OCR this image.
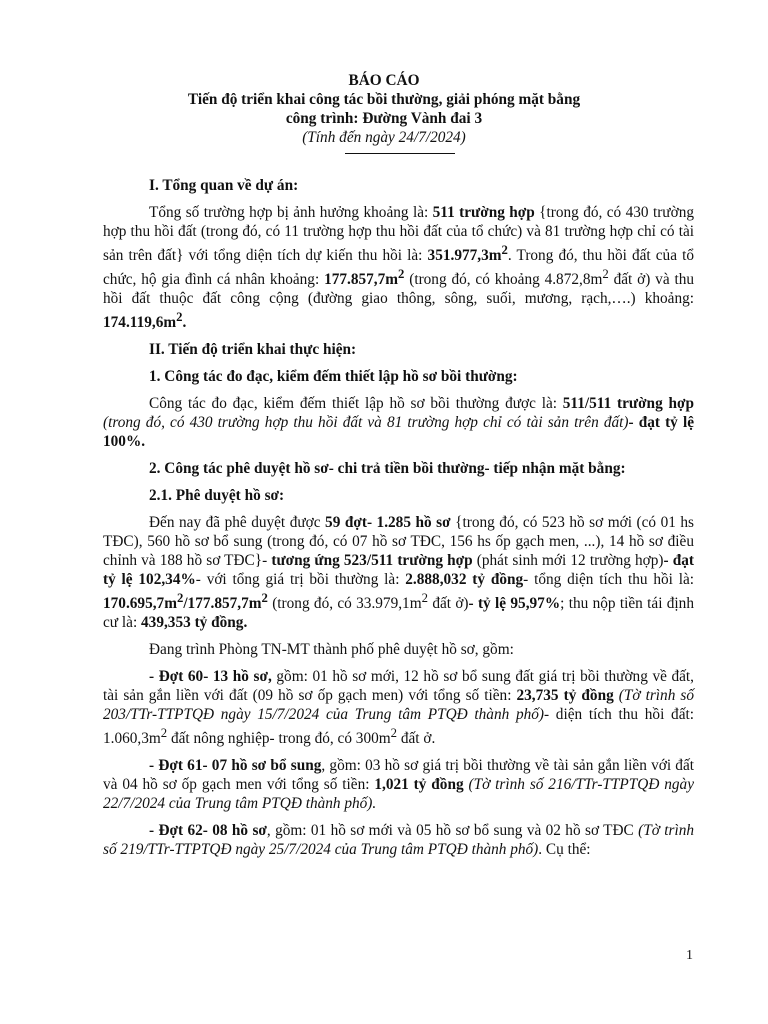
BÁO CÁO
Tiến độ triển khai công tác bồi thường, giải phóng mặt bằng
công trình: Đường Vành đai 3
(Tính đến ngày 24/7/2024)

I. Tổng quan về dự án:

Tổng số trường hợp bị ảnh hưởng khoảng là: 511 trường hợp {trong đó, có 430 trường hợp thu hồi đất (trong đó, có 11 trường hợp thu hồi đất của tổ chức) và 81 trường hợp chỉ có tài sản trên đất} với tổng diện tích dự kiến thu hồi là: $351.977,3m^2$. Trong đó, thu hồi đất của tổ chức, hộ gia đình cá nhân khoảng: $177.857,7m^2$ (trong đó, có khoảng $4.872,8m^2$ đất ở) và thu hồi đất thuộc đất công cộng (đường giao thông, sông, suối, mương, rạch,….) khoảng: $174.119,6m^2$.

II. Tiến độ triển khai thực hiện:

1. Công tác đo đạc, kiểm đếm thiết lập hồ sơ bồi thường:

Công tác đo đạc, kiểm đếm thiết lập hồ sơ bồi thường được là: 511/511 trường hợp (trong đó, có 430 trường hợp thu hồi đất và 81 trường hợp chỉ có tài sản trên đất)- đạt tỷ lệ 100%.

2. Công tác phê duyệt hồ sơ- chi trả tiền bồi thường- tiếp nhận mặt bằng:

2.1. Phê duyệt hồ sơ:

Đến nay đã phê duyệt được 59 đợt- 1.285 hồ sơ {trong đó, có 523 hồ sơ mới (có 01 hs TĐC), 560 hồ sơ bổ sung (trong đó, có 07 hồ sơ TĐC, 156 hs ốp gạch men, ...), 14 hồ sơ điều chỉnh và 188 hồ sơ TĐC}- tương ứng 523/511 trường hợp (phát sinh mới 12 trường hợp)- đạt tỷ lệ 102,34%- với tổng giá trị bồi thường là: 2.888,032 tỷ đồng- tổng diện tích thu hồi là: $170.695,7m^2/177.857,7m^2$ (trong đó, có $33.979,1m^2$ đất ở)- tỷ lệ 95,97%; thu nộp tiền tái định cư là: 439,353 tỷ đồng.

Đang trình Phòng TN-MT thành phố phê duyệt hồ sơ, gồm:

- Đợt 60- 13 hồ sơ, gồm: 01 hồ sơ mới, 12 hồ sơ bổ sung đất giá trị bồi thường về đất, tài sản gắn liền với đất (09 hồ sơ ốp gạch men) với tổng số tiền: 23,735 tỷ đồng (Tờ trình số 203/TTr-TTPTQĐ ngày 15/7/2024 của Trung tâm PTQĐ thành phố)- diện tích thu hồi đất: $1.060,3m^2$ đất nông nghiệp- trong đó, có $300m^2$ đất ở.

- Đợt 61- 07 hồ sơ bổ sung, gồm: 03 hồ sơ giá trị bồi thường về tài sản gắn liền với đất và 04 hồ sơ ốp gạch men với tổng số tiền: 1,021 tỷ đồng (Tờ trình số 216/TTr-TTPTQĐ ngày 22/7/2024 của Trung tâm PTQĐ thành phố).

- Đợt 62- 08 hồ sơ, gồm: 01 hồ sơ mới và 05 hồ sơ bổ sung và 02 hồ sơ TĐC (Tờ trình số 219/TTr-TTPTQĐ ngày 25/7/2024 của Trung tâm PTQĐ thành phố). Cụ thể:

1
